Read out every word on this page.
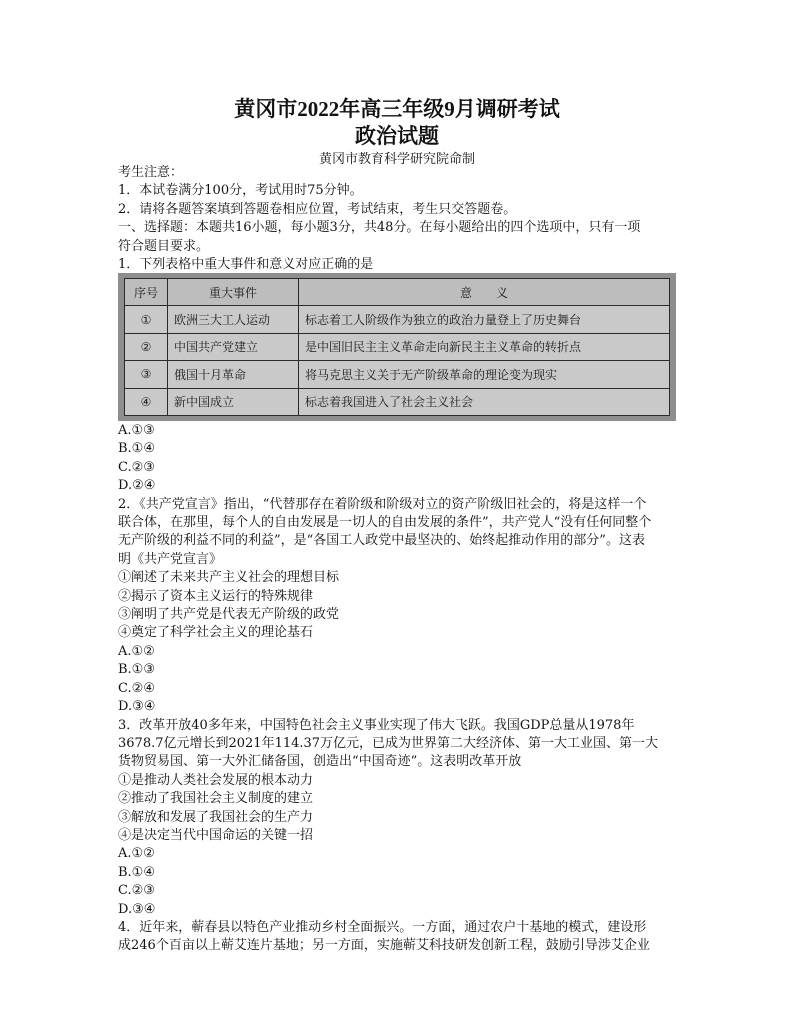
黄冈市2022年高三年级9月调研考试
政治试题
黄冈市教育科学研究院命制

考生注意：

1．本试卷满分100分，考试用时75分钟。

2．请将各题答案填到答题卷相应位置，考试结束，考生只交答题卷。

一、选择题：本题共16小题，每小题3分，共48分。在每小题给出的四个选项中，只有一项

符合题目要求。

1．下列表格中重大事件和意义对应正确的是

序号	重大事件	意　　义
①	欧洲三大工人运动	标志着工人阶级作为独立的政治力量登上了历史舞台
②	中国共产党建立	是中国旧民主主义革命走向新民主主义革命的转折点
③	俄国十月革命	将马克思主义关于无产阶级革命的理论变为现实
④	新中国成立	标志着我国进入了社会主义社会

A.①③

B.①④

C.②③

D.②④

2．《共产党宣言》指出，“代替那存在着阶级和阶级对立的资产阶级旧社会的，将是这样一个

联合体，在那里，每个人的自由发展是一切人的自由发展的条件”，共产党人“没有任何同整个

无产阶级的利益不同的利益”，是“各国工人政党中最坚决的、始终起推动作用的部分”。这表

明《共产党宣言》

①阐述了未来共产主义社会的理想目标

②揭示了资本主义运行的特殊规律

③阐明了共产党是代表无产阶级的政党

④奠定了科学社会主义的理论基石

A.①②

B.①③

C.②④

D.③④

3．改革开放40多年来，中国特色社会主义事业实现了伟大飞跃。我国GDP总量从1978年

3678.7亿元增长到2021年114.37万亿元，已成为世界第二大经济体、第一大工业国、第一大

货物贸易国、第一大外汇储备国，创造出“中国奇迹”。这表明改革开放

①是推动人类社会发展的根本动力

②推动了我国社会主义制度的建立

③解放和发展了我国社会的生产力

④是决定当代中国命运的关键一招

A.①②

B.①④

C.②③

D.③④

4．近年来，蕲春县以特色产业推动乡村全面振兴。一方面，通过农户十基地的模式，建设形

成246个百亩以上蕲艾连片基地；另一方面，实施蕲艾科技研发创新工程，鼓励引导涉艾企业
